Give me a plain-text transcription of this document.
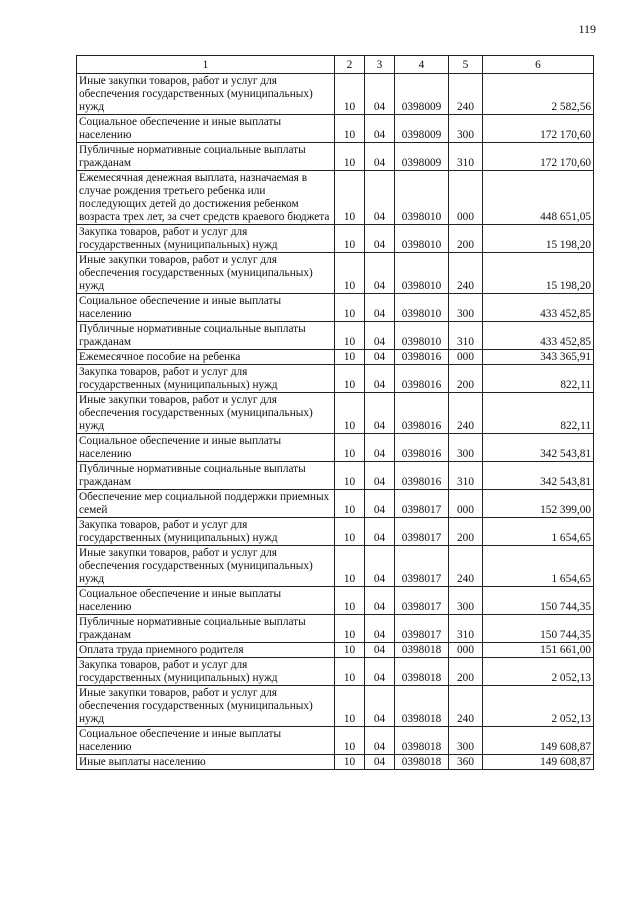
119
1	2	3	4	5	6
Иные закупки товаров, работ и услуг для обеспечения государственных (муниципальных) нужд	10	04	0398009	240	2 582,56
Социальное обеспечение и иные выплаты населению	10	04	0398009	300	172 170,60
Публичные нормативные социальные выплаты гражданам	10	04	0398009	310	172 170,60
Ежемесячная денежная выплата, назначаемая в случае рождения третьего ребенка или последующих детей до достижения ребенком возраста трех лет, за счет средств краевого бюджета	10	04	0398010	000	448 651,05
Закупка товаров, работ и услуг для государственных (муниципальных) нужд	10	04	0398010	200	15 198,20
Иные закупки товаров, работ и услуг для обеспечения государственных (муниципальных) нужд	10	04	0398010	240	15 198,20
Социальное обеспечение и иные выплаты населению	10	04	0398010	300	433 452,85
Публичные нормативные социальные выплаты гражданам	10	04	0398010	310	433 452,85
Ежемесячное пособие на ребенка	10	04	0398016	000	343 365,91
Закупка товаров, работ и услуг для государственных (муниципальных) нужд	10	04	0398016	200	822,11
Иные закупки товаров, работ и услуг для обеспечения государственных (муниципальных) нужд	10	04	0398016	240	822,11
Социальное обеспечение и иные выплаты населению	10	04	0398016	300	342 543,81
Публичные нормативные социальные выплаты гражданам	10	04	0398016	310	342 543,81
Обеспечение мер социальной поддержки приемных семей	10	04	0398017	000	152 399,00
Закупка товаров, работ и услуг для государственных (муниципальных) нужд	10	04	0398017	200	1 654,65
Иные закупки товаров, работ и услуг для обеспечения государственных (муниципальных) нужд	10	04	0398017	240	1 654,65
Социальное обеспечение и иные выплаты населению	10	04	0398017	300	150 744,35
Публичные нормативные социальные выплаты гражданам	10	04	0398017	310	150 744,35
Оплата труда приемного родителя	10	04	0398018	000	151 661,00
Закупка товаров, работ и услуг для государственных (муниципальных) нужд	10	04	0398018	200	2 052,13
Иные закупки товаров, работ и услуг для обеспечения государственных (муниципальных) нужд	10	04	0398018	240	2 052,13
Социальное обеспечение и иные выплаты населению	10	04	0398018	300	149 608,87
Иные выплаты населению	10	04	0398018	360	149 608,87
